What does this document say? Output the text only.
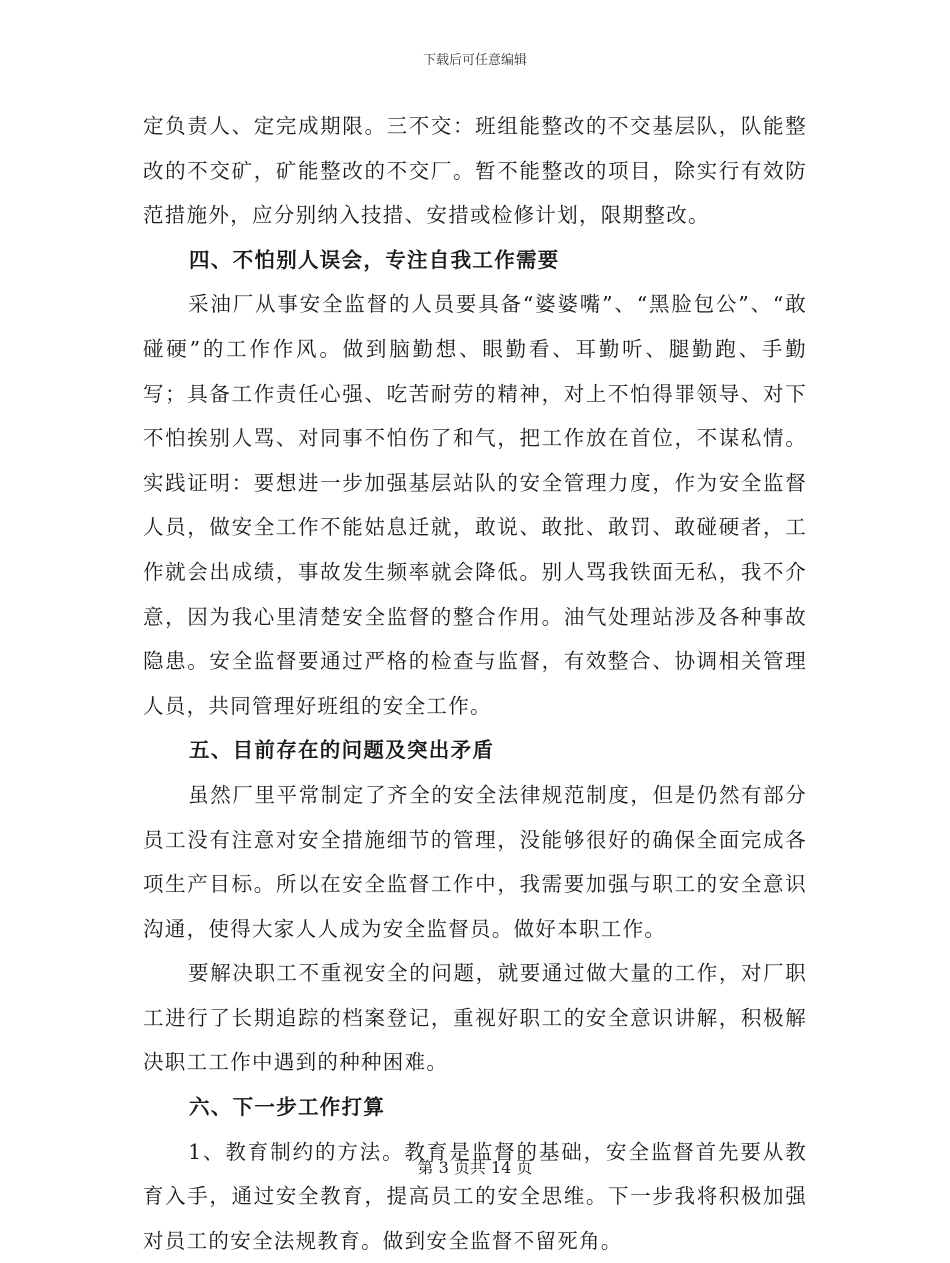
下载后可任意编辑

定负责人、定完成期限。三不交：班组能整改的不交基层队，队能整改的不交矿，矿能整改的不交厂。暂不能整改的项目，除实行有效防范措施外，应分别纳入技措、安措或检修计划，限期整改。

四、不怕别人误会，专注自我工作需要

采油厂从事安全监督的人员要具备“婆婆嘴”、“黑脸包公”、“敢碰硬”的工作作风。做到脑勤想、眼勤看、耳勤听、腿勤跑、手勤写；具备工作责任心强、吃苦耐劳的精神，对上不怕得罪领导、对下不怕挨别人骂、对同事不怕伤了和气，把工作放在首位，不谋私情。实践证明：要想进一步加强基层站队的安全管理力度，作为安全监督人员，做安全工作不能姑息迁就，敢说、敢批、敢罚、敢碰硬者，工作就会出成绩，事故发生频率就会降低。别人骂我铁面无私，我不介意，因为我心里清楚安全监督的整合作用。油气处理站涉及各种事故隐患。安全监督要通过严格的检查与监督，有效整合、协调相关管理人员，共同管理好班组的安全工作。

五、目前存在的问题及突出矛盾

虽然厂里平常制定了齐全的安全法律规范制度，但是仍然有部分员工没有注意对安全措施细节的管理，没能够很好的确保全面完成各项生产目标。所以在安全监督工作中，我需要加强与职工的安全意识沟通，使得大家人人成为安全监督员。做好本职工作。

要解决职工不重视安全的问题，就要通过做大量的工作，对厂职工进行了长期追踪的档案登记，重视好职工的安全意识讲解，积极解决职工工作中遇到的种种困难。

六、下一步工作打算

1、教育制约的方法。教育是监督的基础，安全监督首先要从教育入手，通过安全教育，提高员工的安全思维。下一步我将积极加强对员工的安全法规教育。做到安全监督不留死角。

第 3 页共 14 页
